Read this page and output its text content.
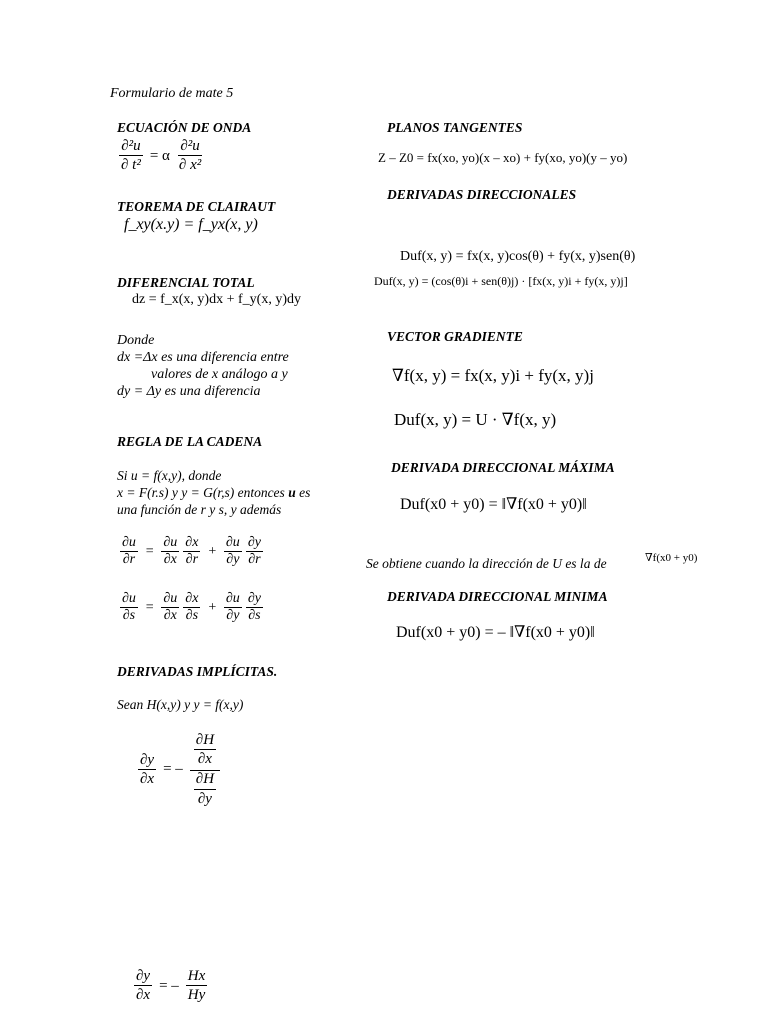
Formulario de mate 5
ECUACIÓN DE ONDA
$\frac{\text{∂²u}}{\text{∂ t²}} = \alpha \frac{\text{∂²u}}{\text{∂ x²}}$
TEOREMA DE CLAIRAUT
f_xy(x.y) = f_yx(x, y)
DIFERENCIAL TOTAL
dz = f_x(x, y)dx + f_y(x, y)dy
Donde
dx =Δx es una diferencia entre
valores de x análogo a y
dy = Δy es una diferencia
REGLA DE LA CADENA
Si u = f(x,y), donde
x = F(r.s) y y = G(r,s) entonces u es
una función de r y s, y además
$\frac{\partial u}{\partial r} = \frac{\partial u}{\partial x} \frac{\partial x}{\partial r} + \frac{\partial u}{\partial y} \frac{\partial y}{\partial r}$
$\frac{\partial u}{\partial s} = \frac{\partial u}{\partial x} \frac{\partial x}{\partial s} + \frac{\partial u}{\partial y} \frac{\partial y}{\partial s}$
DERIVADAS IMPLÍCITAS.
Sean H(x,y) y y = f(x,y)
$\frac{\partial y}{\partial x}$ = – $\frac{\frac{\partial H}{\partial x}}{\frac{\partial H}{\partial y}}$
$\frac{\partial y}{\partial x}$ = – $\frac{Hx}{Hy}$
PLANOS TANGENTES
Z – Z0 = fx(xo, yo)(x – xo) + fy(xo, yo)(y – yo)
DERIVADAS DIRECCIONALES
Duf(x, y) = fx(x, y)cos(θ) + fy(x, y)sen(θ)
Duf(x, y) = (cos(θ)i + sen(θ)j) · [fx(x, y)i + fy(x, y)j]
VECTOR GRADIENTE
∇f(x, y) = fx(x, y)i + fy(x, y)j
Duf(x, y) = U · ∇f(x, y)
DERIVADA DIRECCIONAL MÁXIMA
Duf(x0 + y0) = ‖∇f(x0 + y0)‖
Se obtiene cuando la dirección de U es la de	∇f(x0 + y0)
DERIVADA DIRECCIONAL MINIMA
Duf(x0 + y0) = – ‖∇f(x0 + y0)‖
